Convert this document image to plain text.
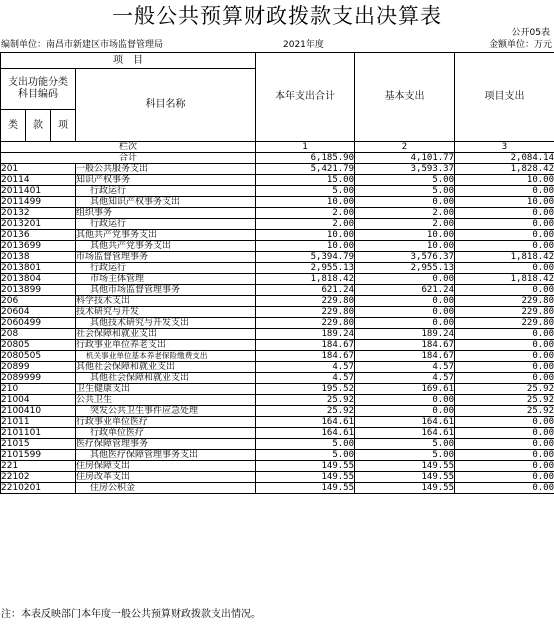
一般公共预算财政拨款支出决算表
公开05表
编制单位：南昌市新建区市场监督管理局	2021年度	金额单位：万元
项　目				本年支出合计	基本支出	项目支出
支出功能分类科目编码			科目名称			
类	款	项				
栏次				1	2	3
合计				6,185.90	4,101.77	2,084.14
201			一般公共服务支出	5,421.79	3,593.37	1,828.42
20114			知识产权事务	15.00	5.00	10.00
2011401			行政运行	5.00	5.00	0.00
2011499			其他知识产权事务支出	10.00	0.00	10.00
20132			组织事务	2.00	2.00	0.00
2013201			行政运行	2.00	2.00	0.00
20136			其他共产党事务支出	10.00	10.00	0.00
2013699			其他共产党事务支出	10.00	10.00	0.00
20138			市场监督管理事务	5,394.79	3,576.37	1,818.42
2013801			行政运行	2,955.13	2,955.13	0.00
2013804			市场主体管理	1,818.42	0.00	1,818.42
2013899			其他市场监督管理事务	621.24	621.24	0.00
206			科学技术支出	229.80	0.00	229.80
20604			技术研究与开发	229.80	0.00	229.80
2060499			其他技术研究与开发支出	229.80	0.00	229.80
208			社会保障和就业支出	189.24	189.24	0.00
20805			行政事业单位养老支出	184.67	184.67	0.00
2080505			机关事业单位基本养老保险缴费支出	184.67	184.67	0.00
20899			其他社会保障和就业支出	4.57	4.57	0.00
2089999			其他社会保障和就业支出	4.57	4.57	0.00
210			卫生健康支出	195.52	169.61	25.92
21004			公共卫生	25.92	0.00	25.92
2100410			突发公共卫生事件应急处理	25.92	0.00	25.92
21011			行政事业单位医疗	164.61	164.61	0.00
2101101			行政单位医疗	164.61	164.61	0.00
21015			医疗保障管理事务	5.00	5.00	0.00
2101599			其他医疗保障管理事务支出	5.00	5.00	0.00
221			住房保障支出	149.55	149.55	0.00
22102			住房改革支出	149.55	149.55	0.00
2210201			住房公积金	149.55	149.55	0.00
注：本表反映部门本年度一般公共预算财政拨款支出情况。
